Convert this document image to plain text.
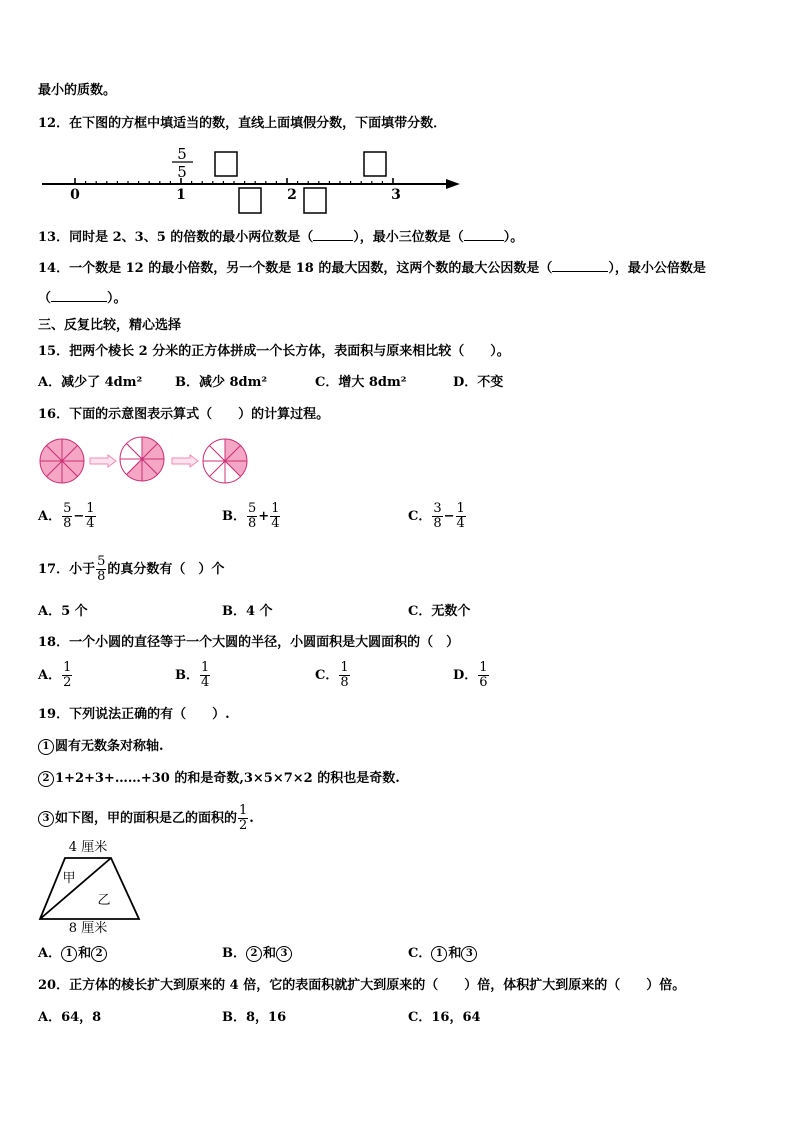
最小的质数。
12．在下图的方框中填适当的数，直线上面填假分数，下面填带分数．
0	1	2	3
5
5
13．同时是 2、3、5 的倍数的最小两位数是（	），最小三位数是（	）。
14．一个数是 12 的最小倍数，另一个数是 18 的最大因数，这两个数的最大公因数是（	），最小公倍数是
（	）。
三、反复比较，精心选择
15．把两个棱长 2 分米的正方体拼成一个长方体，表面积与原来相比较（　　）。
A．减少了 4dm²	B．减少 8dm²	C．增大 8dm²	D．不变
16．下面的示意图表示算式（　　）的计算过程。
A． $\frac{5}{8} - \frac{1}{4}$	B． $\frac{5}{8} + \frac{1}{4}$	C． $\frac{3}{8} - \frac{1}{4}$
17．小于 $\frac{5}{8}$ 的真分数有（　）个
A．5 个	B．4 个	C．无数个
18．一个小圆的直径等于一个大圆的半径，小圆面积是大圆面积的（　）
A． $\frac{1}{2}$	B． $\frac{1}{4}$	C． $\frac{1}{8}$	D． $\frac{1}{6}$
19．下列说法正确的有（　　）.
1 圆有无数条对称轴.
2 1+2+3+……+30 的和是奇数,3×5×7×2 的积也是奇数.
3 如下图，甲的面积是乙的面积的 $\frac{1}{2}$ .
4 厘米
甲
乙
8 厘米
A． 1 和 2	B． 2 和 3	C． 1 和 3
20．正方体的棱长扩大到原来的 4 倍，它的表面积就扩大到原来的（　　）倍，体积扩大到原来的（　　）倍。
A．64，8	B．8，16	C．16，64
